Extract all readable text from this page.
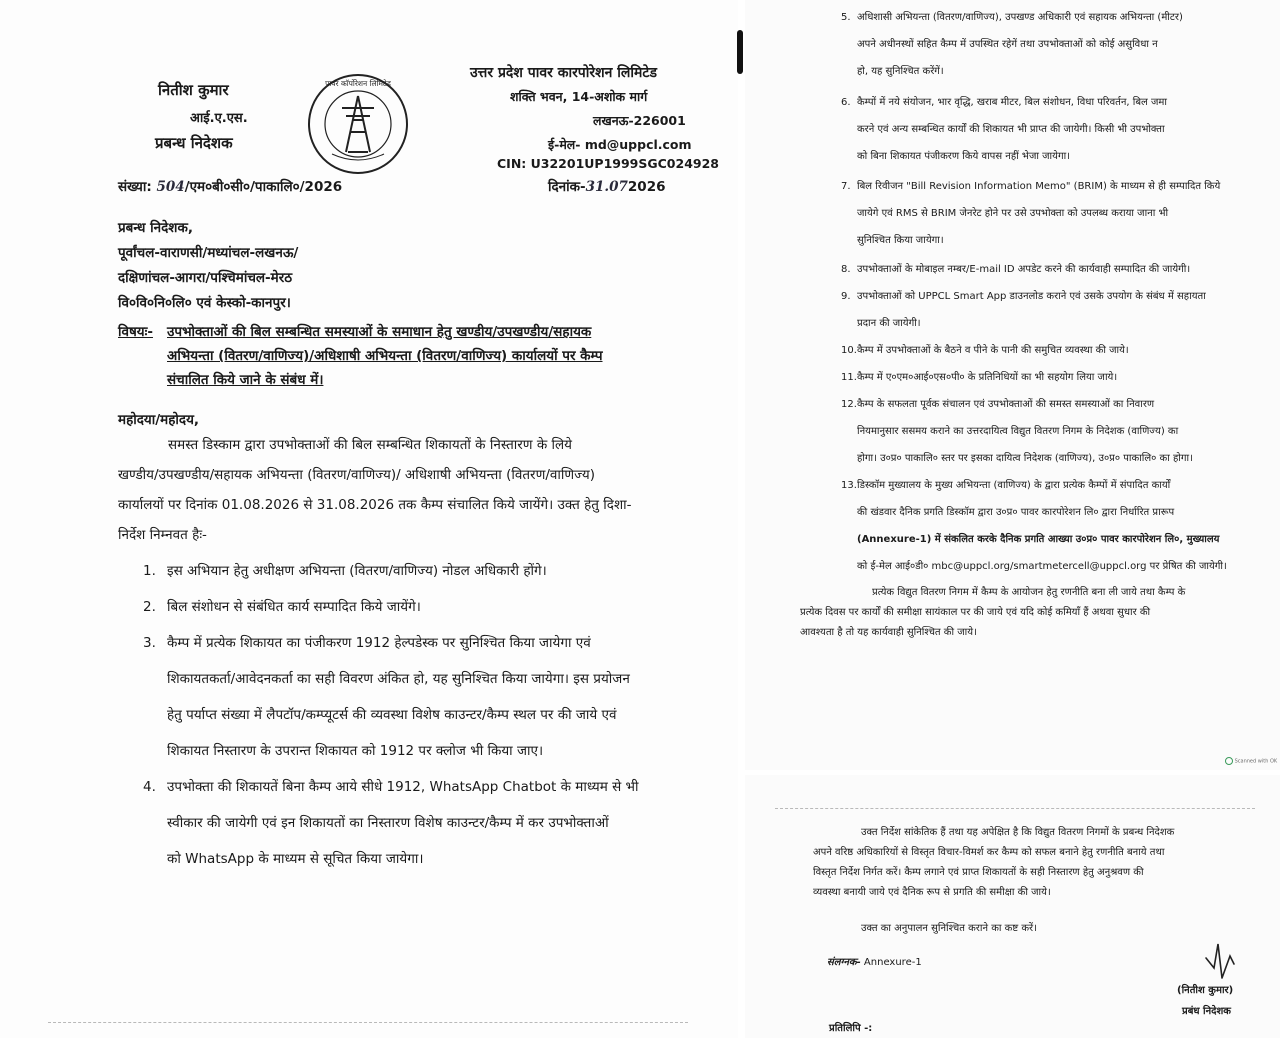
नितीश कुमार
आई.ए.एस.
प्रबन्ध निदेशक
पावर कॉर्पोरेशन लिमिटेड
उत्तर प्रदेश पावर कारपोरेशन लिमिटेड
शक्ति भवन, 14-अशोक मार्ग
लखनऊ-226001
ई-मेल- md@uppcl.com
CIN: U32201UP1999SGC024928
संख्या: 504/एम०बी०सी०/पाकालि०/2026	दिनांक-31.072026
प्रबन्ध निदेशक,
पूर्वांचल-वाराणसी/मध्यांचल-लखनऊ/
दक्षिणांचल-आगरा/पश्चिमांचल-मेरठ
वि०वि०नि०लि० एवं केस्को-कानपुर।
विषयः- उपभोक्ताओं की बिल सम्बन्धित समस्याओं के समाधान हेतु खण्डीय/उपखण्डीय/सहायक
अभियन्ता (वितरण/वाणिज्य)/अधिशाषी अभियन्ता (वितरण/वाणिज्य) कार्यालयों पर कैम्प
संचालित किये जाने के संबंध में।
महोदया/महोदय,
समस्त डिस्काम द्वारा उपभोक्ताओं की बिल सम्बन्धित शिकायतों के निस्तारण के लिये
खण्डीय/उपखण्डीय/सहायक अभियन्ता (वितरण/वाणिज्य)/ अधिशाषी अभियन्ता (वितरण/वाणिज्य)
कार्यालयों पर दिनांक 01.08.2026 से 31.08.2026 तक कैम्प संचालित किये जायेंगे। उक्त हेतु दिशा-
निर्देश निम्नवत हैः-
1. इस अभियान हेतु अधीक्षण अभियन्ता (वितरण/वाणिज्य) नोडल अधिकारी होंगे।
2. बिल संशोधन से संबंधित कार्य सम्पादित किये जायेंगे।
3. कैम्प में प्रत्येक शिकायत का पंजीकरण 1912 हेल्पडेस्क पर सुनिश्चित किया जायेगा एवं
शिकायतकर्ता/आवेदनकर्ता का सही विवरण अंकित हो, यह सुनिश्चित किया जायेगा। इस प्रयोजन
हेतु पर्याप्त संख्या में लैपटॉप/कम्प्यूटर्स की व्यवस्था विशेष काउन्टर/कैम्प स्थल पर की जाये एवं
शिकायत निस्तारण के उपरान्त शिकायत को 1912 पर क्लोज भी किया जाए।
4. उपभोक्ता की शिकायतें बिना कैम्प आये सीधे 1912, WhatsApp Chatbot के माध्यम से भी
स्वीकार की जायेगी एवं इन शिकायतों का निस्तारण विशेष काउन्टर/कैम्प में कर उपभोक्ताओं
को WhatsApp के माध्यम से सूचित किया जायेगा।
5. अधिशासी अभियन्ता (वितरण/वाणिज्य), उपखण्ड अधिकारी एवं सहायक अभियन्ता (मीटर)
अपने अधीनस्थों सहित कैम्प में उपस्थित रहेगें तथा उपभोक्ताओं को कोई असुविधा न
हो, यह सुनिश्चित करेंगें।
6. कैम्पों में नये संयोजन, भार वृद्धि, खराब मीटर, बिल संशोधन, विधा परिवर्तन, बिल जमा
करने एवं अन्य सम्बन्धित कार्यों की शिकायत भी प्राप्त की जायेगी। किसी भी उपभोक्ता
को बिना शिकायत पंजीकरण किये वापस नहीं भेजा जायेगा।
7. बिल रिवीजन "Bill Revision Information Memo" (BRIM) के माध्यम से ही सम्पादित किये
जायेगे एवं RMS से BRIM जेनरेट होने पर उसे उपभोक्ता को उपलब्ध कराया जाना भी
सुनिश्चित किया जायेगा।
8. उपभोक्ताओं के मोबाइल नम्बर/E-mail ID अपडेट करने की कार्यवाही सम्पादित की जायेगी।
9. उपभोक्ताओं को UPPCL Smart App डाउनलोड कराने एवं उसके उपयोग के संबंध में सहायता
प्रदान की जायेगी।
10. कैम्प में उपभोक्ताओं के बैठने व पीने के पानी की समुचित व्यवस्था की जाये।
11. कैम्प में ए०एम०आई०एस०पी० के प्रतिनिधियों का भी सहयोग लिया जाये।
12. कैम्प के सफलता पूर्वक संचालन एवं उपभोक्ताओं की समस्त समस्याओं का निवारण
नियमानुसार ससमय कराने का उत्तरदायित्व विद्युत वितरण निगम के निदेशक (वाणिज्य) का
होगा। उ०प्र० पाकालि० स्तर पर इसका दायित्व निदेशक (वाणिज्य), उ०प्र० पाकालि० का होगा।
13. डिस्कॉम मुख्यालय के मुख्य अभियन्ता (वाणिज्य) के द्वारा प्रत्येक कैम्पों में संपादित कार्यों
की खंडवार दैनिक प्रगति डिस्कॉम द्वारा उ०प्र० पावर कारपोरेशन लि० द्वारा निर्धारित प्रारूप
(Annexure-1) में संकलित करके दैनिक प्रगति आख्या उ०प्र० पावर कारपोरेशन लि०, मुख्यालय
को ई-मेल आई०डी० mbc@uppcl.org/smartmetercell@uppcl.org पर प्रेषित की जायेगी।
प्रत्येक विद्युत वितरण निगम में कैम्प के आयोजन हेतु रणनीति बना ली जाये तथा कैम्प के
प्रत्येक दिवस पर कार्यों की समीक्षा सायंकाल पर की जाये एवं यदि कोई कमियाँ हैं अथवा सुधार की
आवश्यता है तो यह कार्यवाही सुनिश्चित की जाये।
Scanned with OK
उक्त निर्देश सांकेतिक हैं तथा यह अपेक्षित है कि विद्युत वितरण निगमों के प्रबन्ध निदेशक
अपने वरिष्ठ अधिकारियों से विस्तृत विचार-विमर्श कर कैम्प को सफल बनाने हेतु रणनीति बनाये तथा
विस्तृत निर्देश निर्गत करें। कैम्प लगाने एवं प्राप्त शिकायतों के सही निस्तारण हेतु अनुश्रवण की
व्यवस्था बनायी जाये एवं दैनिक रूप से प्रगति की समीक्षा की जाये।
उक्त का अनुपालन सुनिश्चित कराने का कष्ट करें।
संलग्नक- Annexure-1
(नितीश कुमार)
प्रबंध निदेशक
प्रतिलिपि -:
